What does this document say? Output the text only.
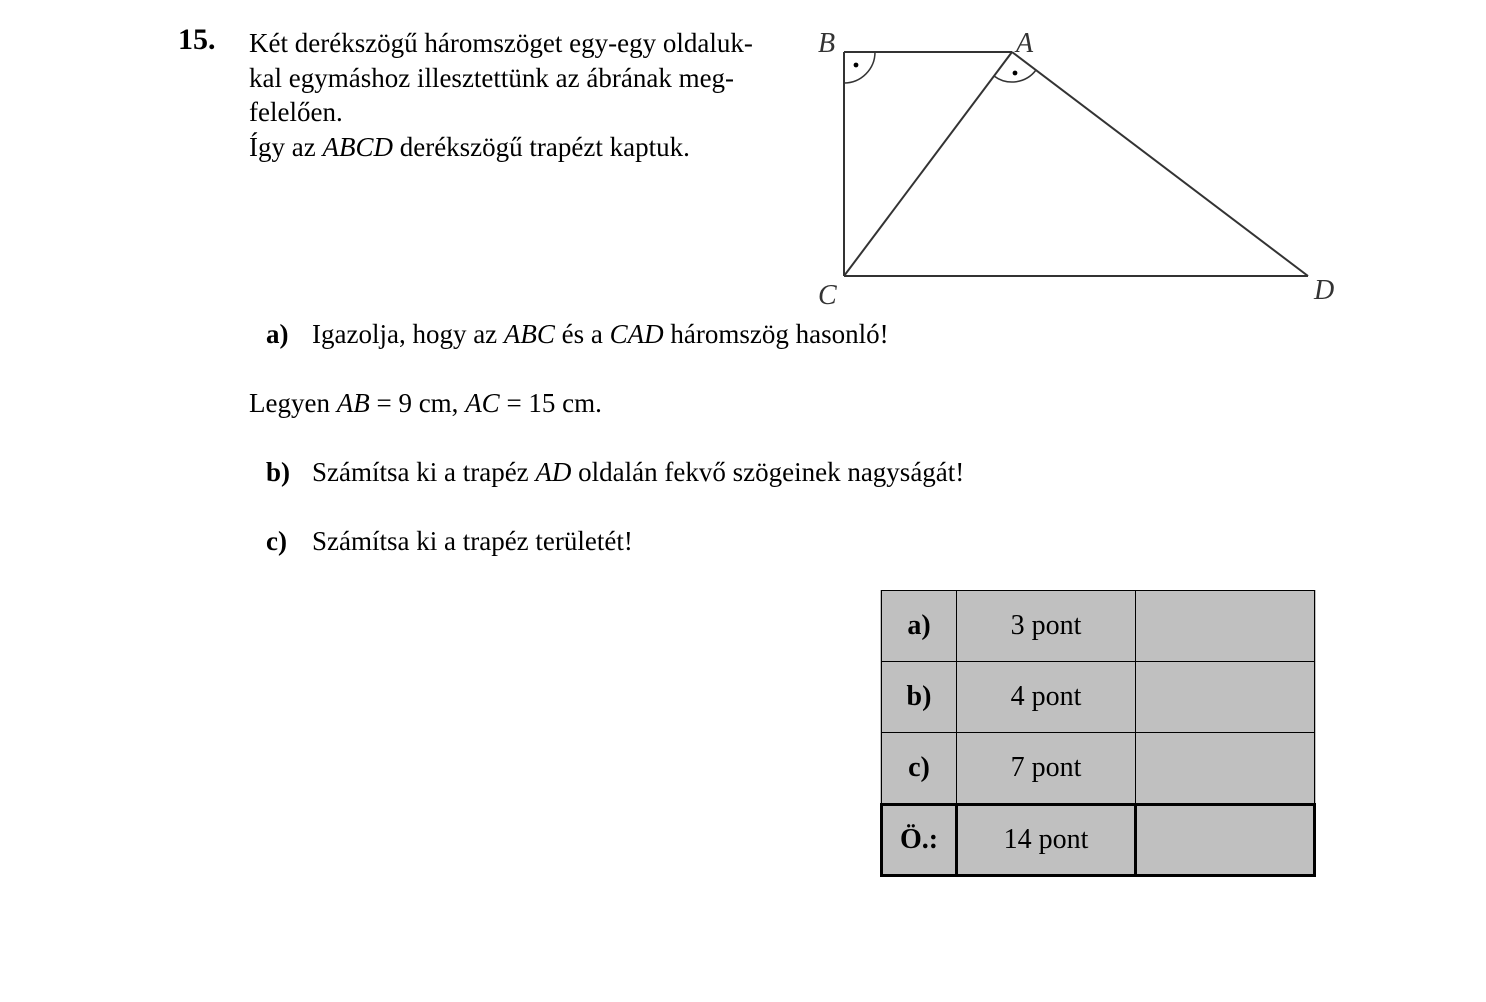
15. Két derékszögű háromszöget egy-egy oldaluk-
kal egymáshoz illesztettünk az ábrának meg-
felelően.
Így az ABCD derékszögű trapézt kaptuk.
B	A
C	D
a) Igazolja, hogy az ABC és a CAD háromszög hasonló!
Legyen AB = 9 cm, AC = 15 cm.
b) Számítsa ki a trapéz AD oldalán fekvő szögeinek nagyságát!
c) Számítsa ki a trapéz területét!
a)	3 pont	
b)	4 pont	
c)	7 pont	
Ö.:	14 pont	
